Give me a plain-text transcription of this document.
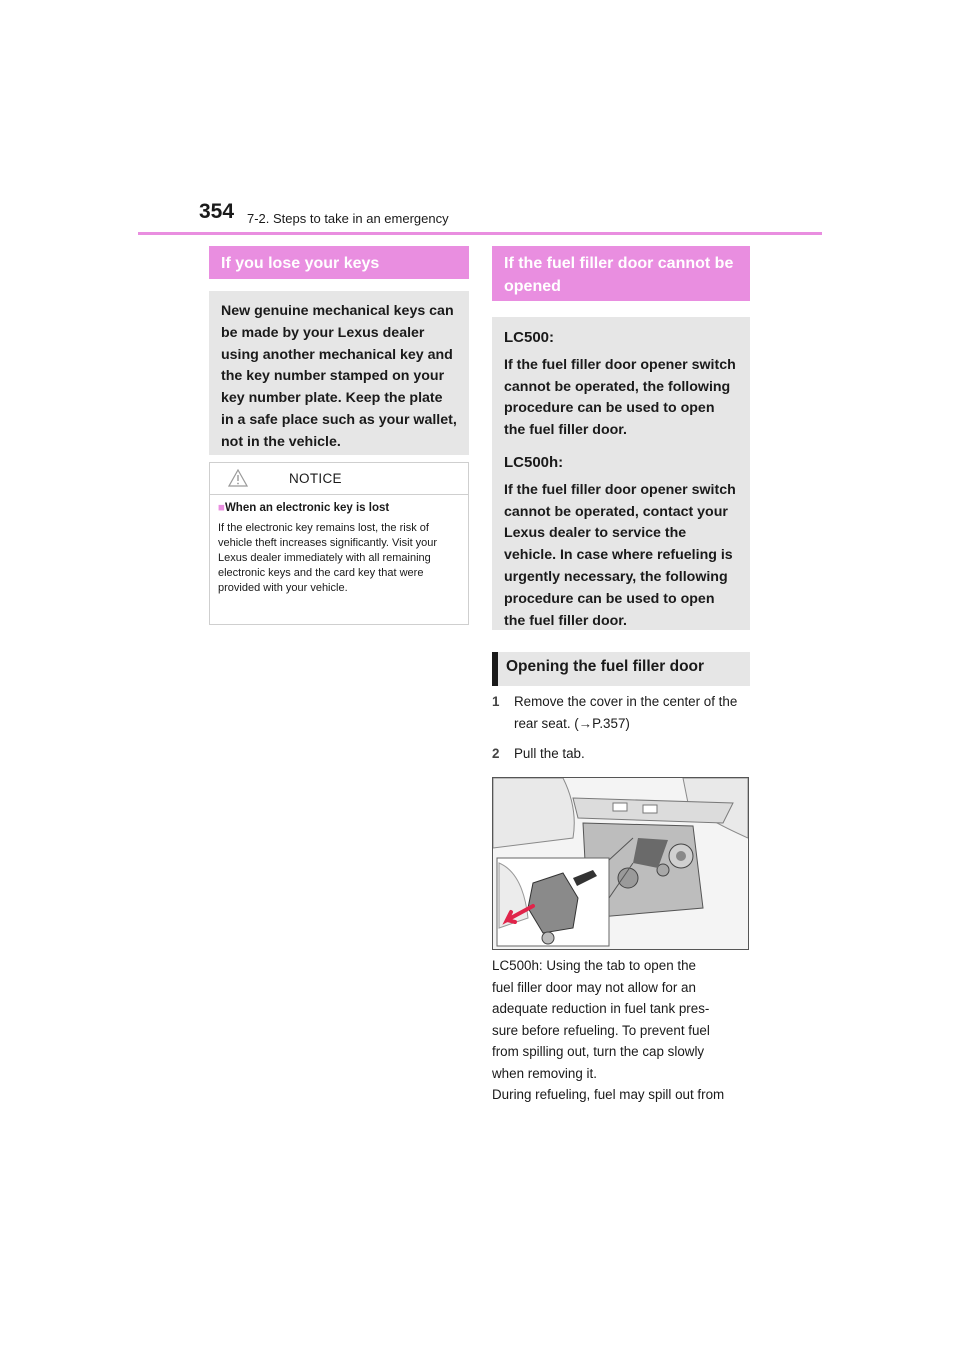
354 7-2. Steps to take in an emergency
If you lose your keys

New genuine mechanical keys can be made by your Lexus dealer using another mechanical key and the key number stamped on your key number plate. Keep the plate in a safe place such as your wallet, not in the vehicle.

NOTICE
■When an electronic key is lost
If the electronic key remains lost, the risk of vehicle theft increases significantly. Visit your Lexus dealer immediately with all remaining electronic keys and the card key that were provided with your vehicle.
If the fuel filler door cannot be opened

LC500:

If the fuel filler door opener switch cannot be operated, the following procedure can be used to open the fuel filler door.

LC500h:

If the fuel filler door opener switch cannot be operated, contact your Lexus dealer to service the vehicle. In case where refueling is urgently necessary, the following procedure can be used to open the fuel filler door.

Opening the fuel filler door
1 Remove the cover in the center of the rear seat. (→P.357)
2 Pull the tab.

LC500h: Using the tab to open the

fuel filler door may not allow for an

adequate reduction in fuel tank pres-

sure before refueling. To prevent fuel

from spilling out, turn the cap slowly

when removing it.

During refueling, fuel may spill out from
